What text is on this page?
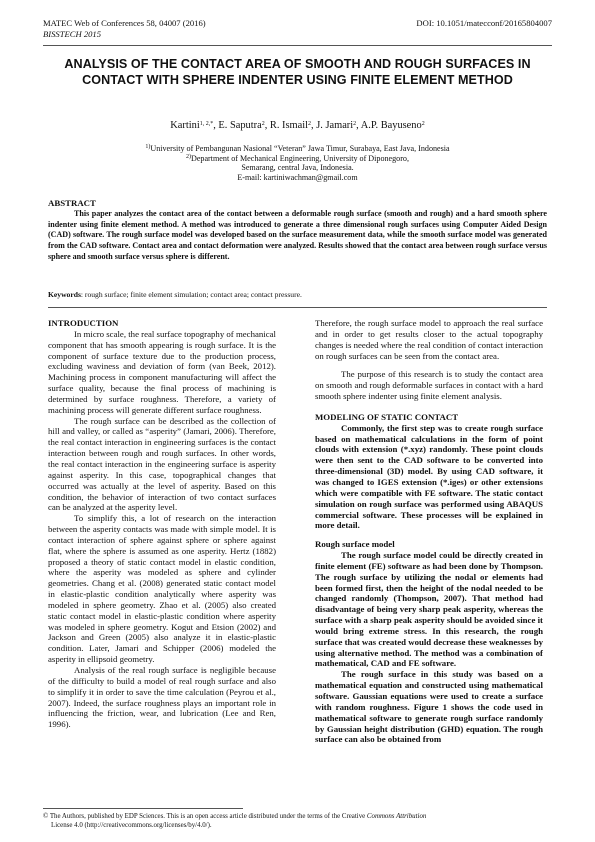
MATEC Web of Conferences 58, 04007 (2016)
BISSTECH 2015
DOI: 10.1051/matecconf/20165804007
ANALYSIS OF THE CONTACT AREA OF SMOOTH AND ROUGH SURFACES IN CONTACT WITH SPHERE INDENTER USING FINITE ELEMENT METHOD
Kartini$^{1, 2,*}$, E. Saputra$^2$, R. Ismail$^2$, J. Jamari$^2$, A.P. Bayuseno$^2$
$^{1)}$University of Pembangunan Nasional “Veteran” Jawa Timur, Surabaya, East Java, Indonesia
$^{2)}$Department of Mechanical Engineering, University of Diponegoro,
Semarang, central Java, Indonesia.
E-mail: kartiniwachman@gmail.com
ABSTRACT

This paper analyzes the contact area of the contact between a deformable rough surface (smooth and rough) and a hard smooth sphere indenter using finite element method. A method was introduced to generate a three dimensional rough surfaces using Computer Aided Design (CAD) software. The rough surface model was developed based on the surface measurement data, while the smooth surface model was generated from the CAD software. Contact area and contact deformation were analyzed. Results showed that the contact area between rough surface versus sphere and smooth surface versus sphere is different.

Keywords: rough surface; finite element simulation; contact area; contact pressure.
INTRODUCTION

In micro scale, the real surface topography of mechanical component that has smooth appearing is rough surface. It is the component of surface texture due to the production process, excluding waviness and deviation of form (van Beek, 2012). Machining process in component manufacturing will affect the surface quality, because the final process of machining is determined by surface roughness. Therefore, a variety of machining process will generate different surface roughness.

The rough surface can be described as the collection of hill and valley, or called as “asperity” (Jamari, 2006). Therefore, the real contact interaction in engineering surfaces is the contact interaction between rough and rough surfaces. In other words, the real contact interaction in the engineering surface is asperity against asperity. In this case, topographical changes that occurred was actually at the level of asperity. Based on this condition, the behavior of interaction of two contact surfaces can be analyzed at the asperity level.

To simplify this, a lot of research on the interaction between the asperity contacts was made with simple model. It is contact interaction of sphere against sphere or sphere against flat, where the sphere is assumed as one asperity. Hertz (1882) proposed a theory of static contact model in elastic condition, where the asperity was modeled as sphere and cylinder geometries. Chang et al. (2008) generated static contact model in elastic-plastic condition analytically where asperity was modeled in sphere geometry. Zhao et al. (2005) also created static contact model in elastic-plastic condition where asperity was modeled in sphere geometry. Kogut and Etsion (2002) and Jackson and Green (2005) also analyze it in elastic-plastic condition. Later, Jamari and Schipper (2006) modeled the asperity in ellipsoid geometry.

Analysis of the real rough surface is negligible because of the difficulty to build a model of real rough surface and also to simplify it in order to save the time calculation (Peyrou et al., 2007). Indeed, the surface roughness plays an important role in influencing the friction, wear, and lubrication (Lee and Ren, 1996).

Therefore, the rough surface model to approach the real surface and in order to get results closer to the actual topography changes is needed where the real condition of contact interaction on rough surfaces can be seen from the contact area.

The purpose of this research is to study the contact area on smooth and rough deformable surfaces in contact with a hard smooth sphere indenter using finite element analysis.

MODELING OF STATIC CONTACT

Commonly, the first step was to create rough surface based on mathematical calculations in the form of point clouds with extension (*.xyz) randomly. These point clouds were then sent to the CAD software to be converted into three-dimensional (3D) model. By using CAD software, it was changed to IGES extension (*.iges) or other extensions which were compatible with FE software. The static contact simulation on rough surface was performed using ABAQUS commercial software. These processes will be explained in more detail.

Rough surface model

The rough surface model could be directly created in finite element (FE) software as had been done by Thompson. The rough surface by utilizing the nodal or elements had been formed first, then the height of the nodal needed to be changed randomly (Thompson, 2007). That method had disadvantage of being very sharp peak asperity, whereas the surface with a sharp peak asperity should be avoided since it would bring extreme stress. In this research, the rough surface that was created would decrease these weaknesses by using alternative method. The method was a combination of mathematical, CAD and FE software.

The rough surface in this study was based on a mathematical equation and constructed using mathematical software. Gaussian equations were used to create a surface with random roughness. Figure 1 shows the code used in mathematical software to generate rough surface randomly by Gaussian height distribution (GHD) equation. The rough surface can also be obtained from

© The Authors, published by EDP Sciences. This is an open access article distributed under the terms of the Creative Commons Attribution
License 4.0 (http://creativecommons.org/licenses/by/4.0/).
